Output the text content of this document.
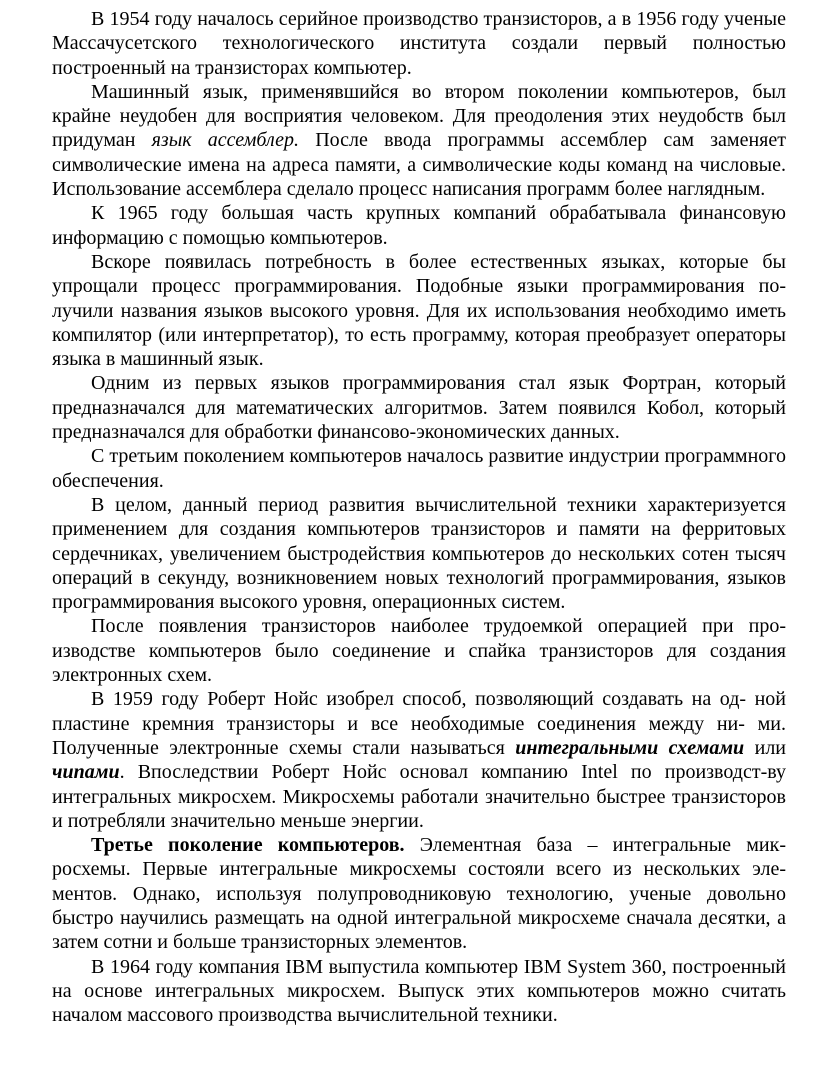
В 1954 году началось серийное производство транзисторов, а в 1956 году ученые Массачусетского технологического института создали первый полностью построенный на транзисторах компьютер.

Машинный язык, применявшийся во втором поколении компьютеров, был крайне неудобен для восприятия человеком. Для преодоления этих неудобств был придуман язык ассемблер. После ввода программы ассемблер сам заменяет символические имена на адреса памяти, а символические коды команд на числовые. Использование ассемблера сделало процесс написания программ более наглядным.

К 1965 году большая часть крупных компаний обрабатывала финансовую информацию с помощью компьютеров.

Вскоре появилась потребность в более естественных языках, которые бы упрощали процесс программирования. Подобные языки программирования получили названия языков высокого уровня. Для их использования необходимо иметь компилятор (или интерпретатор), то есть программу, которая преобразует операторы языка в машинный язык.

Одним из первых языков программирования стал язык Фортран, который предназначался для математических алгоритмов. Затем появился Кобол, который предназначался для обработки финансово-экономических данных.

С третьим поколением компьютеров началось развитие индустрии программного обеспечения.

В целом, данный период развития вычислительной техники характеризуется применением для создания компьютеров транзисторов и памяти на ферритовых сердечниках, увеличением быстродействия компьютеров до нескольких сотен тысяч операций в секунду, возникновением новых технологий программирования, языков программирования высокого уровня, операционных систем.

После появления транзисторов наиболее трудоемкой операцией при производстве компьютеров было соединение и спайка транзисторов для создания электронных схем.

В 1959 году Роберт Нойс изобрел способ, позволяющий создавать на од- ной пластине кремния транзисторы и все необходимые соединения между ни- ми. Полученные электронные схемы стали называться интегральными схемами или чипами. Впоследствии Роберт Нойс основал компанию Intel по производст-ву интегральных микросхем. Микросхемы работали значительно быстрее транзисторов и потребляли значительно меньше энергии.

Третье поколение компьютеров. Элементная база – интегральные микросхемы. Первые интегральные микросхемы состояли всего из нескольких элементов. Однако, используя полупроводниковую технологию, ученые довольно быстро научились размещать на одной интегральной микросхеме сначала десятки, а затем сотни и больше транзисторных элементов.

В 1964 году компания IBM выпустила компьютер IBM System 360, построенный на основе интегральных микросхем. Выпуск этих компьютеров можно считать началом массового производства вычислительной техники.
